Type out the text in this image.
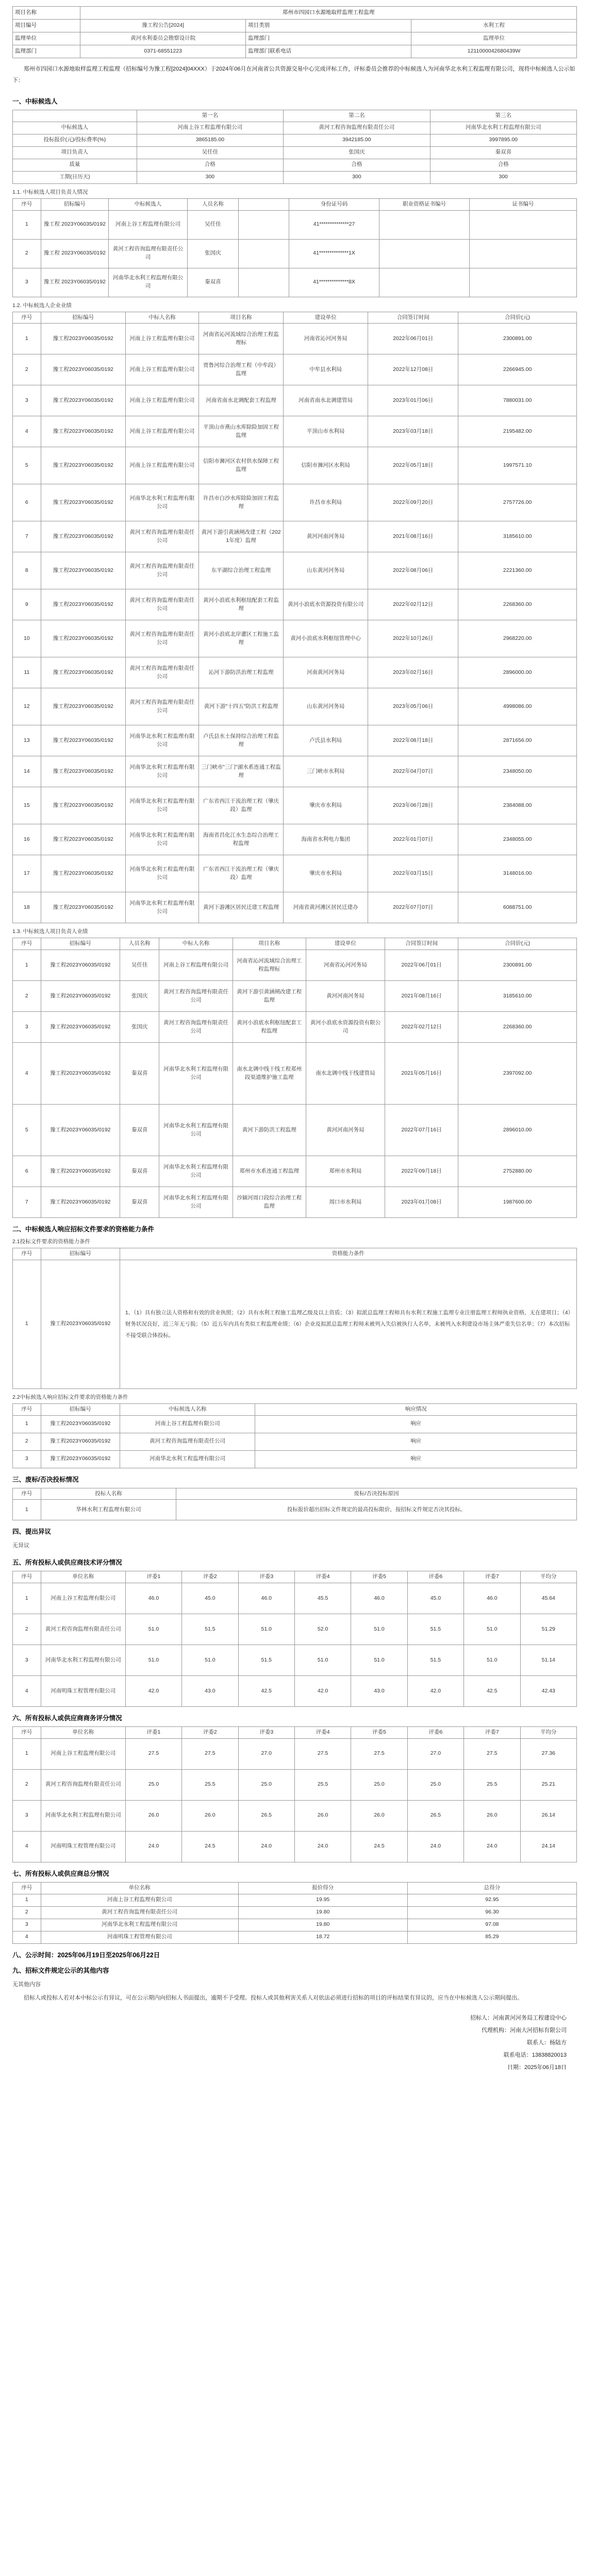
项目名称	郑州市四园口水源地取样监理工程监理		
项目编号	豫工程公告[2024]	项目类别	水利工程
监理单位	黄河水利委员会勘察设计院	监理部门	监理单位
监理部门	0371-68551223	监理部门联系电话	1211000042680439W
郑州市四园口水源地取样监理工程监理（招标编号为豫工程[2024]04XXX）于2024年06月在河南省公共资源交易中心完成评标工作，评标委员会推荐的中标候选人为河南华北水利工程监理有限公司，现将中标候选人公示如下：
一、中标候选人
	第一名	第二名	第三名
中标候选人	河南上谷工程监理有限公司	黄河工程咨询监理有限责任公司	河南华北水利工程监理有限公司
投标报价(元)/投标费率(%)	3865185.00	3942185.00	3997895.00
项目负责人	吴任佳	张国庆	秦双喜
质量	合格	合格	合格
工期(日历天)	300	300	300
1.1. 中标候选人项目负责人情况
序号	招标编号	中标候选人	人员名称		身份证号码	职业资格证书编号	证书编号
1	豫工程 2023Y06035/0192	河南上谷工程监理有限公司	吴任佳		41**************27		
2	豫工程 2023Y06035/0192	黄河工程咨询监理有限责任公司	张国庆		41**************1X		
3	豫工程 2023Y06035/0192	河南华北水利工程监理有限公司	秦双喜		41**************8X		
1.2. 中标候选人企业业绩
序号	招标编号	中标人名称	项目名称	建设单位	合同签订时间	合同价(元)
1	豫工程2023Y06035/0192	河南上谷工程监理有限公司	河南省沁河流域综合治理工程监理标	河南省沁河河务局	2022年06月01日	2300891.00
2	豫工程2023Y06035/0192	河南上谷工程监理有限公司	贾鲁河综合治理工程（中牟段）监理	中牟县水利局	2022年12月08日	2266945.00
3	豫工程2023Y06035/0192	河南上谷工程监理有限公司	河南省南水北调配套工程监理	河南省南水北调建管局	2023年01月06日	7880031.00
4	豫工程2023Y06035/0192	河南上谷工程监理有限公司	平顶山市燕山水库除险加固工程监理	平顶山市水利局	2023年03月18日	2195482.00
5	豫工程2023Y06035/0192	河南上谷工程监理有限公司	信阳市浉河区农村供水保障工程监理	信阳市浉河区水利局	2022年05月18日	1997571.10
6	豫工程2023Y06035/0192	河南华北水利工程监理有限公司	许昌市白沙水库除险加固工程监理	许昌市水利局	2022年09月20日	2757726.00
7	豫工程2023Y06035/0192	黄河工程咨询监理有限责任公司	黄河下游引黄涵闸改建工程（2021年度）监理	黄河河南河务局	2021年08月16日	3185610.00
8	豫工程2023Y06035/0192	黄河工程咨询监理有限责任公司	东平湖综合治理工程监理	山东黄河河务局	2022年08月06日	2221360.00
9	豫工程2023Y06035/0192	黄河工程咨询监理有限责任公司	黄河小浪底水利枢纽配套工程监理	黄河小浪底水资源投资有限公司	2022年02月12日	2268360.00
10	豫工程2023Y06035/0192	黄河工程咨询监理有限责任公司	黄河小浪底北岸灌区工程施工监理	黄河小浪底水利枢纽管理中心	2022年10月26日	2968220.00
11	豫工程2023Y06035/0192	黄河工程咨询监理有限责任公司	沁河下游防洪治理工程监理	河南黄河河务局	2023年02月16日	2896000.00
12	豫工程2023Y06035/0192	黄河工程咨询监理有限责任公司	黄河下游"十四五"防洪工程监理	山东黄河河务局	2023年05月06日	4998086.00
13	豫工程2023Y06035/0192	河南华北水利工程监理有限公司	卢氏县水土保持综合治理工程监理	卢氏县水利局	2022年08月18日	2871656.00
14	豫工程2023Y06035/0192	河南华北水利工程监理有限公司	三门峡市"三门"湖水系连通工程监理	三门峡市水利局	2022年04月07日	2348050.00
15	豫工程2023Y06035/0192	河南华北水利工程监理有限公司	广东省西江干流治理工程（肇庆段）监理	肇庆市水利局	2023年06月28日	2384088.00
16	豫工程2023Y06035/0192	河南华北水利工程监理有限公司	海南省昌化江水生态综合治理工程监理	海南省水利电力集团	2022年01月07日	2348055.00
17	豫工程2023Y06035/0192	河南华北水利工程监理有限公司	广东省西江干流治理工程（肇庆段）监理	肇庆市水利局	2022年03月15日	3148016.00
18	豫工程2023Y06035/0192	河南华北水利工程监理有限公司	黄河下游滩区居民迁建工程监理	河南省黄河滩区居民迁建办	2022年07月07日	6088751.00
1.3. 中标候选人项目负责人业绩
序号	招标编号	人员名称	中标人名称	项目名称	建设单位	合同签订时间	合同价(元)
1	豫工程2023Y06035/0192	吴任佳	河南上谷工程监理有限公司	河南省沁河流域综合治理工程监理标	河南省沁河河务局	2022年06月01日	2300891.00
2	豫工程2023Y06035/0192	张国庆	黄河工程咨询监理有限责任公司	黄河下游引黄涵闸改建工程监理	黄河河南河务局	2021年08月16日	3185610.00
3	豫工程2023Y06035/0192	张国庆	黄河工程咨询监理有限责任公司	黄河小浪底水利枢纽配套工程监理	黄河小浪底水资源投资有限公司	2022年02月12日	2268360.00
4	豫工程2023Y06035/0192	秦双喜	河南华北水利工程监理有限公司	南水北调中线干线工程郑州段渠道维护施工监理	南水北调中线干线建管局	2021年05月16日	2397092.00
5	豫工程2023Y06035/0192	秦双喜	河南华北水利工程监理有限公司	黄河下游防洪工程监理	黄河河南河务局	2022年07月16日	2896010.00
6	豫工程2023Y06035/0192	秦双喜	河南华北水利工程监理有限公司	郑州市水系连通工程监理	郑州市水利局	2022年09月18日	2752880.00
7	豫工程2023Y06035/0192	秦双喜	河南华北水利工程监理有限公司	沙颍河周口段综合治理工程监理	周口市水利局	2023年01月08日	1987600.00
二、中标候选人响应招标文件要求的资格能力条件
2.1投标文件要求的资格能力条件
序号	招标编号	资格能力条件
1	豫工程2023Y06035/0192	1、（1）具有独立法人资格和有效的营业执照；（2）具有水利工程施工监理乙级及以上资质；（3）拟派总监理工程师具有水利工程施工监理专业注册监理工程师执业资格，无在建项目；（4）财务状况良好，近三年无亏损；（5）近五年内具有类似工程监理业绩；（6）企业及拟派总监理工程师未被列入失信被执行人名单，未被列入水利建设市场主体严重失信名单；（7）本次招标不接受联合体投标。
2.2中标候选人响应招标文件要求的资格能力条件
序号	招标编号	中标候选人名称	响应情况
1	豫工程2023Y06035/0192	河南上谷工程监理有限公司	响应
2	豫工程2023Y06035/0192	黄河工程咨询监理有限责任公司	响应
3	豫工程2023Y06035/0192	河南华北水利工程监理有限公司	响应
三、废标/否决投标情况
序号	投标人名称	废标/否决投标原因
1	华林水利工程监理有限公司	投标报价超出招标文件规定的最高投标限价，按招标文件规定否决其投标。
四、提出异议
无异议
五、所有投标人或供应商技术评分情况
序号	单位名称	评委1	评委2	评委3	评委4	评委5	评委6	评委7	平均分
1	河南上谷工程监理有限公司	46.0	45.0	46.0	45.5	46.0	45.0	46.0	45.64
2	黄河工程咨询监理有限责任公司	51.0	51.5	51.0	52.0	51.0	51.5	51.0	51.29
3	河南华北水利工程监理有限公司	51.0	51.0	51.5	51.0	51.0	51.5	51.0	51.14
4	河南明珠工程管理有限公司	42.0	43.0	42.5	42.0	43.0	42.0	42.5	42.43
六、所有投标人或供应商商务评分情况
序号	单位名称	评委1	评委2	评委3	评委4	评委5	评委6	评委7	平均分
1	河南上谷工程监理有限公司	27.5	27.5	27.0	27.5	27.5	27.0	27.5	27.36
2	黄河工程咨询监理有限责任公司	25.0	25.5	25.0	25.5	25.0	25.0	25.5	25.21
3	河南华北水利工程监理有限公司	26.0	26.0	26.5	26.0	26.0	26.5	26.0	26.14
4	河南明珠工程管理有限公司	24.0	24.5	24.0	24.0	24.5	24.0	24.0	24.14
七、所有投标人或供应商总分情况
序号	单位名称	报价得分	总得分
1	河南上谷工程监理有限公司	19.95	92.95
2	黄河工程咨询监理有限责任公司	19.80	96.30
3	河南华北水利工程监理有限公司	19.80	97.08
4	河南明珠工程管理有限公司	18.72	85.29
八、公示时间：2025年06月19日至2025年06月22日
九、招标文件规定公示的其他内容
无其他内容
招标人或投标人若对本中标公示有异议，可在公示期内向招标人书面提出，逾期不予受理。投标人或其他利害关系人对依法必须进行招标的项目的评标结果有异议的，应当在中标候选人公示期间提出。
招标人：河南黄河河务局工程建设中心
代理机构：河南大河招标有限公司
联系人：杨陆方
联系电话：13838820013
日期：2025年06月18日
